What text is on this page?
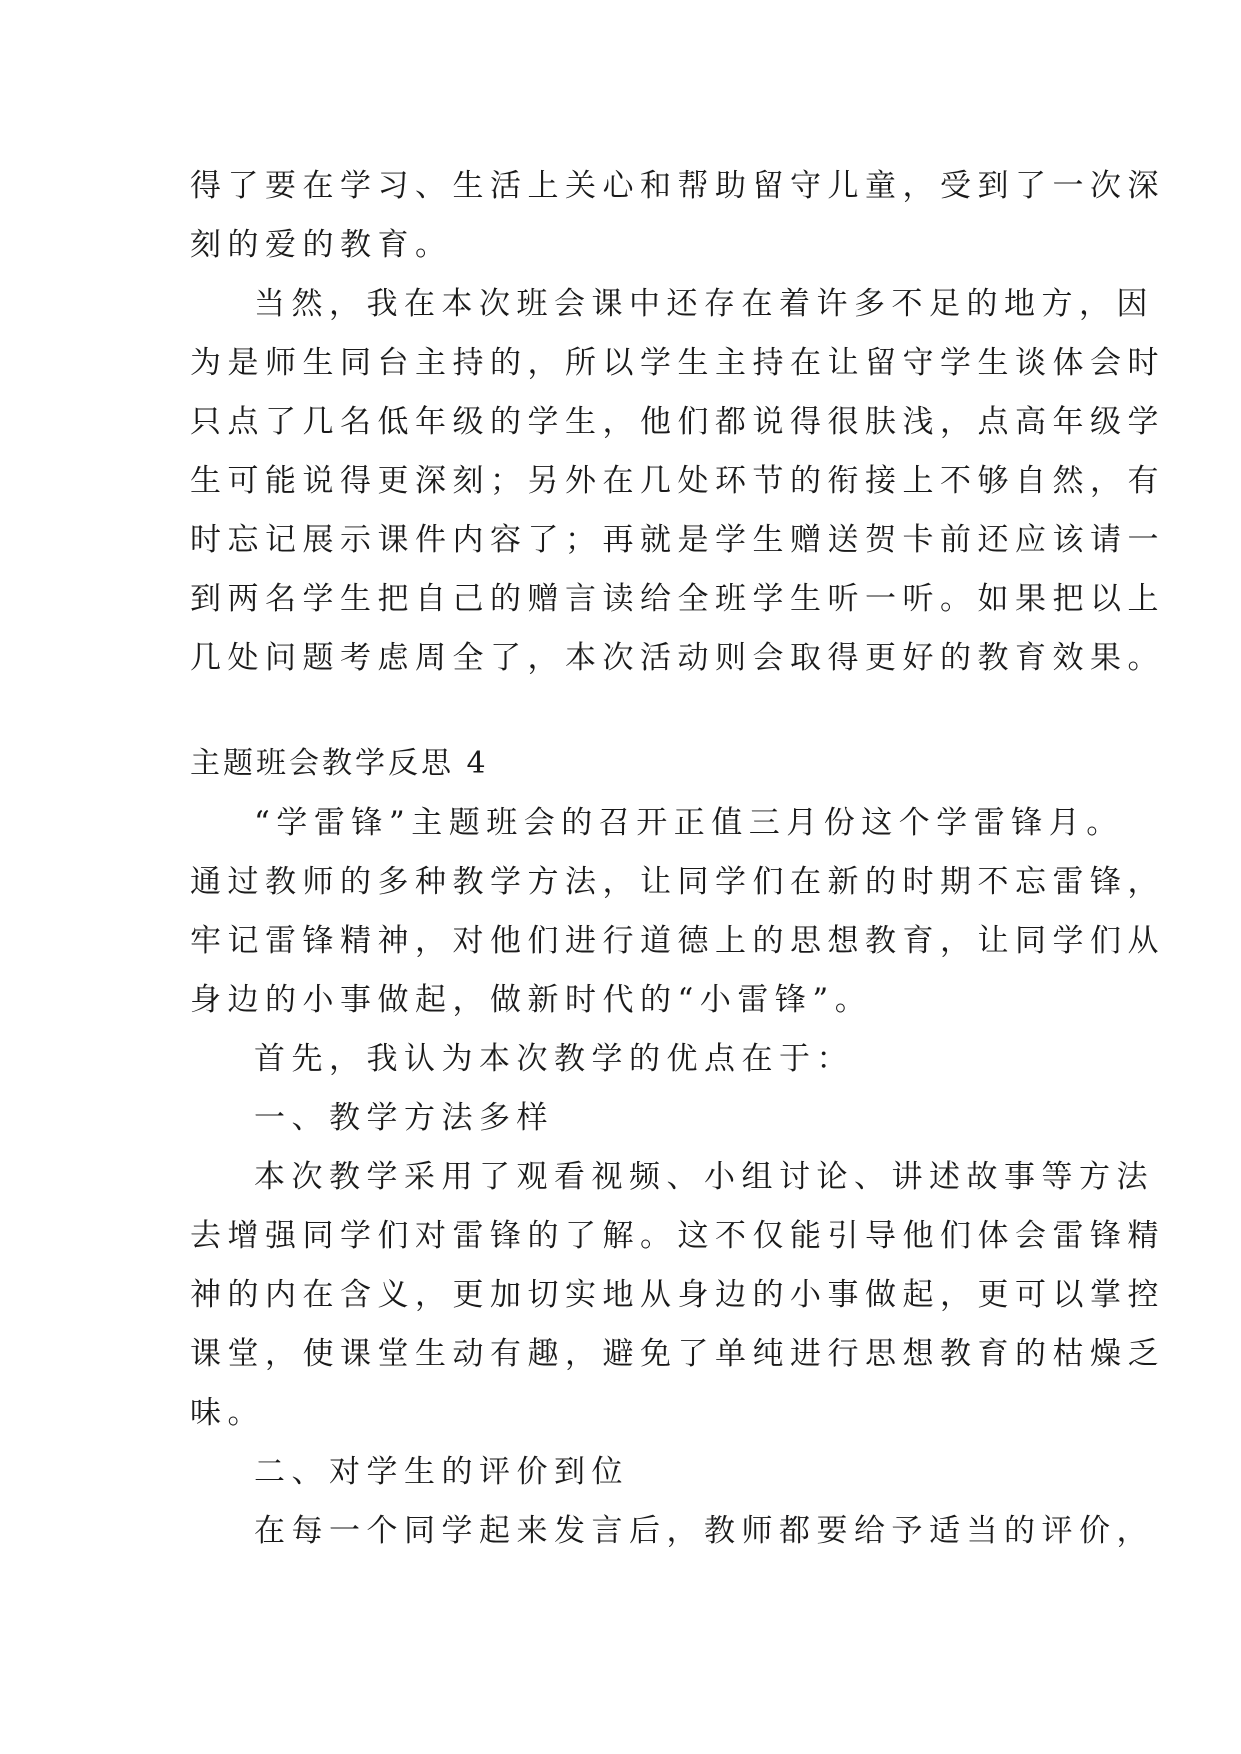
得了要在学习、生活上关心和帮助留守儿童，受到了一次深
刻的爱的教育。
当然，我在本次班会课中还存在着许多不足的地方，因
为是师生同台主持的，所以学生主持在让留守学生谈体会时
只点了几名低年级的学生，他们都说得很肤浅，点高年级学
生可能说得更深刻；另外在几处环节的衔接上不够自然，有
时忘记展示课件内容了；再就是学生赠送贺卡前还应该请一
到两名学生把自己的赠言读给全班学生听一听。如果把以上
几处问题考虑周全了，本次活动则会取得更好的教育效果。
主题班会教学反思 4
“学雷锋”主题班会的召开正值三月份这个学雷锋月。
通过教师的多种教学方法，让同学们在新的时期不忘雷锋，
牢记雷锋精神，对他们进行道德上的思想教育，让同学们从
身边的小事做起，做新时代的“小雷锋”。
首先，我认为本次教学的优点在于：
一、教学方法多样
本次教学采用了观看视频、小组讨论、讲述故事等方法
去增强同学们对雷锋的了解。这不仅能引导他们体会雷锋精
神的内在含义，更加切实地从身边的小事做起，更可以掌控
课堂，使课堂生动有趣，避免了单纯进行思想教育的枯燥乏
味。
二、对学生的评价到位
在每一个同学起来发言后，教师都要给予适当的评价，
